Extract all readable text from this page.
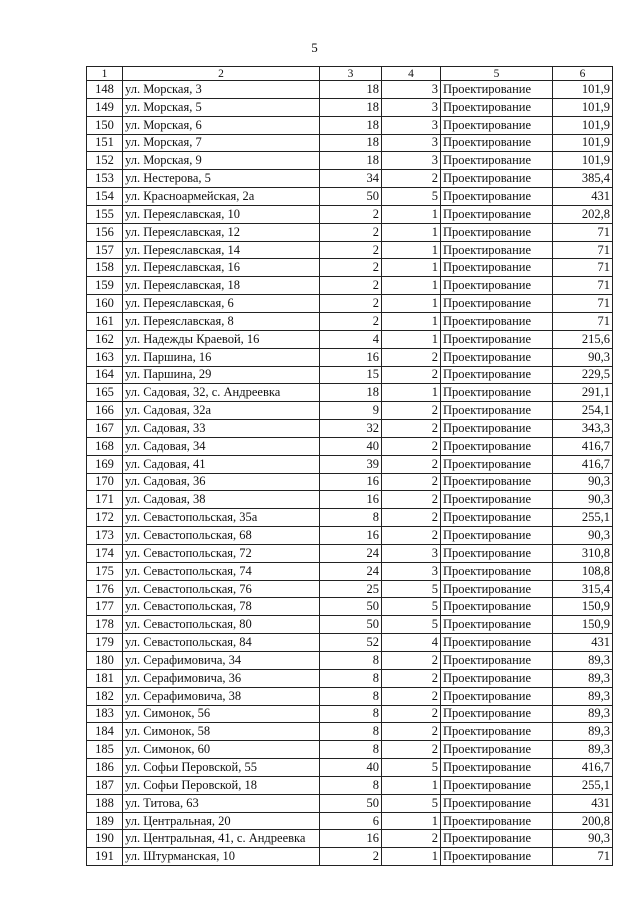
5
1	2	3	4	5	6
148	ул. Морская, 3	18	3	Проектирование	101,9
149	ул. Морская, 5	18	3	Проектирование	101,9
150	ул. Морская, 6	18	3	Проектирование	101,9
151	ул. Морская, 7	18	3	Проектирование	101,9
152	ул. Морская, 9	18	3	Проектирование	101,9
153	ул. Нестерова, 5	34	2	Проектирование	385,4
154	ул. Красноармейская, 2а	50	5	Проектирование	431
155	ул. Переяславская, 10	2	1	Проектирование	202,8
156	ул. Переяславская, 12	2	1	Проектирование	71
157	ул. Переяславская, 14	2	1	Проектирование	71
158	ул. Переяславская, 16	2	1	Проектирование	71
159	ул. Переяславская, 18	2	1	Проектирование	71
160	ул. Переяславская, 6	2	1	Проектирование	71
161	ул. Переяславская, 8	2	1	Проектирование	71
162	ул. Надежды Краевой, 16	4	1	Проектирование	215,6
163	ул. Паршина, 16	16	2	Проектирование	90,3
164	ул. Паршина, 29	15	2	Проектирование	229,5
165	ул. Садовая, 32, с. Андреевка	18	1	Проектирование	291,1
166	ул. Садовая, 32а	9	2	Проектирование	254,1
167	ул. Садовая, 33	32	2	Проектирование	343,3
168	ул. Садовая, 34	40	2	Проектирование	416,7
169	ул. Садовая, 41	39	2	Проектирование	416,7
170	ул. Садовая, 36	16	2	Проектирование	90,3
171	ул. Садовая, 38	16	2	Проектирование	90,3
172	ул. Севастопольская, 35а	8	2	Проектирование	255,1
173	ул. Севастопольская, 68	16	2	Проектирование	90,3
174	ул. Севастопольская, 72	24	3	Проектирование	310,8
175	ул. Севастопольская, 74	24	3	Проектирование	108,8
176	ул. Севастопольская, 76	25	5	Проектирование	315,4
177	ул. Севастопольская, 78	50	5	Проектирование	150,9
178	ул. Севастопольская, 80	50	5	Проектирование	150,9
179	ул. Севастопольская, 84	52	4	Проектирование	431
180	ул. Серафимовича, 34	8	2	Проектирование	89,3
181	ул. Серафимовича, 36	8	2	Проектирование	89,3
182	ул. Серафимовича, 38	8	2	Проектирование	89,3
183	ул. Симонок, 56	8	2	Проектирование	89,3
184	ул. Симонок, 58	8	2	Проектирование	89,3
185	ул. Симонок, 60	8	2	Проектирование	89,3
186	ул. Софьи Перовской, 55	40	5	Проектирование	416,7
187	ул. Софьи Перовской, 18	8	1	Проектирование	255,1
188	ул. Титова, 63	50	5	Проектирование	431
189	ул. Центральная, 20	6	1	Проектирование	200,8
190	ул. Центральная, 41, с. Андреевка	16	2	Проектирование	90,3
191	ул. Штурманская, 10	2	1	Проектирование	71
